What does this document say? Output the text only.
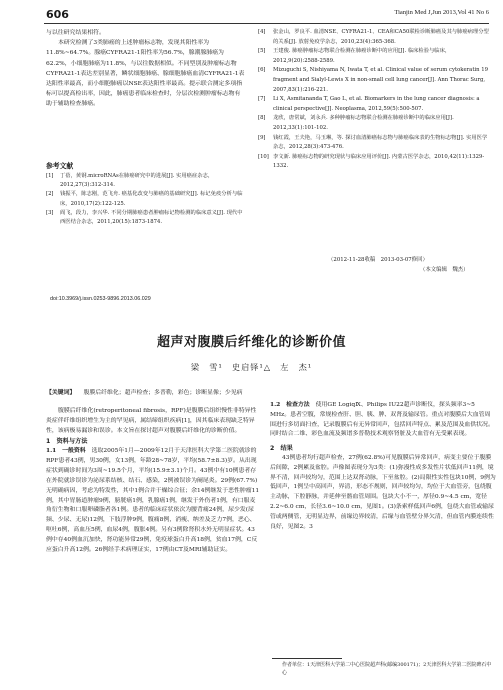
606	Tianjin Med J,Jun 2013,Vol 41 No 6

与以往研究结果相符。

本研究检测了3类肺癌的上述肿瘤标志物，发现其阳性率为11.8%~64.7%。腺癌CYFRA21-1阳性率为56.7%，腺潮腺肺癌为62.2%，小细胞肺癌为11.8%，与以往数据相似。不同型别及肿瘤标志物CYFRA21-1表达差别显著，鳞状细胞肺癌、腺细胞肺癌血清CYFRA21-1表达阳性率最高，而小细胞肺癌以NSE表达阳性率最高。提示联合测定多项指标可以提高检出率，因此，肺癌患者临床检查时，分层次检测肿瘤标志物有助于辅助检查肺癌。

参考文献

[1] 丁蓓，黄钢.microRNAs在肺癌研究中的进展[J]. 实用癌症杂志，2012,27(3):312-314.

[2] 钱振平，陈志刚，范飞舟. 癌基化改变与肺癌的基础研究[J]. 标记免疫分析与临床，2010,17(2):122-125.

[3] 阎飞，段力，李兴华. 不同分期肺癌患者肿瘤标记物检测的临床意义[J]. 现代中西医结合杂志，2011,20(15):1873-1874.

[4] 张金山，罗良平. 血清NSE、CYFRA21-1、CEA和CA50联检诊断肺癌及其与肺癌病理分型的关系[J]. 放射免疫学杂志，2010,23(4):365-368.

[5] 王建俊. 肺癌肿瘤标志物联合检测在肺癌诊断中的应用[J]. 临床检验与临床，2012,9(20):2588-2589.

[6] Mizuguchi S, Nishiyama N, Iwata T, et al. Clinical value of serum cytokeratin 19 fragment and Sialyl-Lewis X in non-small cell lung cancer[J]. Ann Thorac Surg, 2007,83(1):216-221.

[7] Li X, Asmitananda T, Gao L, et al. Biomarkers in the lung cancer diagnosis: a clinical perspective[J]. Neoplasma, 2012,59(5):500-507.

[8] 龙欣，唐常斌，刘永兵. 多种肿瘤标志物联合检测在肺癌诊断中的临床应用[J]. 2012,33(1):101-102.

[9] 钱红霞，王夫艳，马玉琳，等. 探讨血清肺癌标志物与肺癌临床表的生物标志物[J]. 实用医学杂志，2012,28(3):473-476.

[10] 李文新. 肺癌标志物的研究现状与临床应用评价[J]. 内蒙古医学杂志，2010,42(11):1329-1332.

（2012-11-28收稿　2013-03-07修回）
（本文编辑　魏杰）
doi:10.3969/j.issn.0253-9896.2013.06.029
超声对腹膜后纤维化的诊断价值
梁　雪¹　史启铎¹△　左　杰¹
【关键词】 腹膜后纤维化；超声检查；多普勒，彩色；诊断显像；少见病

腹膜后纤维化(retroperitoneal fibrosis，RPF)是腹膜后组织慢性非特异性炎症伴纤维组织增生为主的罕见病，属结缔组织疾病[1]，因其临床表现缺乏特异性，该病极易漏诊和误诊。本文旨在探讨超声对腹膜后纤维化的诊断价值。

1　资料与方法

1.1　一般资料　 选取2005年1月—2009年12月于天津医科大学第二医院就诊的RPF患者43例，男30例，女13例，年龄28~78岁，平均(58.7±8.3)岁。从出现症状到确诊时间为3周~19.5个月，平均(15.9±3.1)个月。43例中有10例患者存在外院就诊误诊为泌尿系结核、结石、感染，2例被误诊为阑尾炎。29例(67.7%)无明确病因，考虑为特发性，其中1例合并干燥综合征；余14例继发于恶性肿瘤11例，其中胃肠道肿瘤9例，膀胱癌1例，乳腺癌1例，继发于外伤者1例，有口服麦角衍生物和口服卵磷脂者各1例。患者的临床症状依次为腰背痛24例，尿少发(尿频、少尿、无尿)12例，下肢浮肿9例，腹痛8例，消瘦、纳差及乏力7例，恶心、呕吐6例，高血压5例，血尿4例，腹胀4例。另有3例除肾积水外无明显症状。43例中存40例血沉加快，肾功能异常29例，免疫球蛋白升高18例，贫血17例，C反应蛋白升高12例。26例经手术病理证实，17例由CT及MRI辅助证实。

1.2　检查方法　 使用GE LogiqⅨ、Philips IU22超声诊断仪，探头频率3~5 MHz。患者空腹，常规检查肝、胆、胰、脾、双肾及输尿管。重点对腹膜后大血管周围进行多切面扫查，记录腹膜后有无异常回声，包括回声特点、累及范围及血供状况。同时结合二维、彩色血流及频谱多普勒技术观察肾脏及大血管有无受累表现。

2　结果

43例患者均行超声检查，27例(62.8%)可见腹膜后异常回声，病变主要位于腹膜后间隙，2例累及盆腔。声像图表现分为3类：(1)弥漫性成多发性片状低回声11例，境界不清，回声较均匀，范围上达双肾动脉，下至盆腔。(2)局限性实性包块10例，9例为低回声，1例呈中高回声，界清，形态不规则，回声较均匀，均位于大血管旁，包绕腹主动脉，下腔静脉，并延伸至髂血管周围。包块大小不一，厚径0.9~4.5 cm，宽径2.2~6.0 cm，长径3.6~10.0 cm，见图1。(3)条索样低回声6例，包绕大血管或输尿管或两侧管，无明显边界，前缘边界较清，后缘与血管壁分界欠清，但血管内膜连续性良好，见图2。3

作者单位：1天津医科大学第二中心医院超声科(邮编300171)；2天津医科大学第二医院碑石中心
